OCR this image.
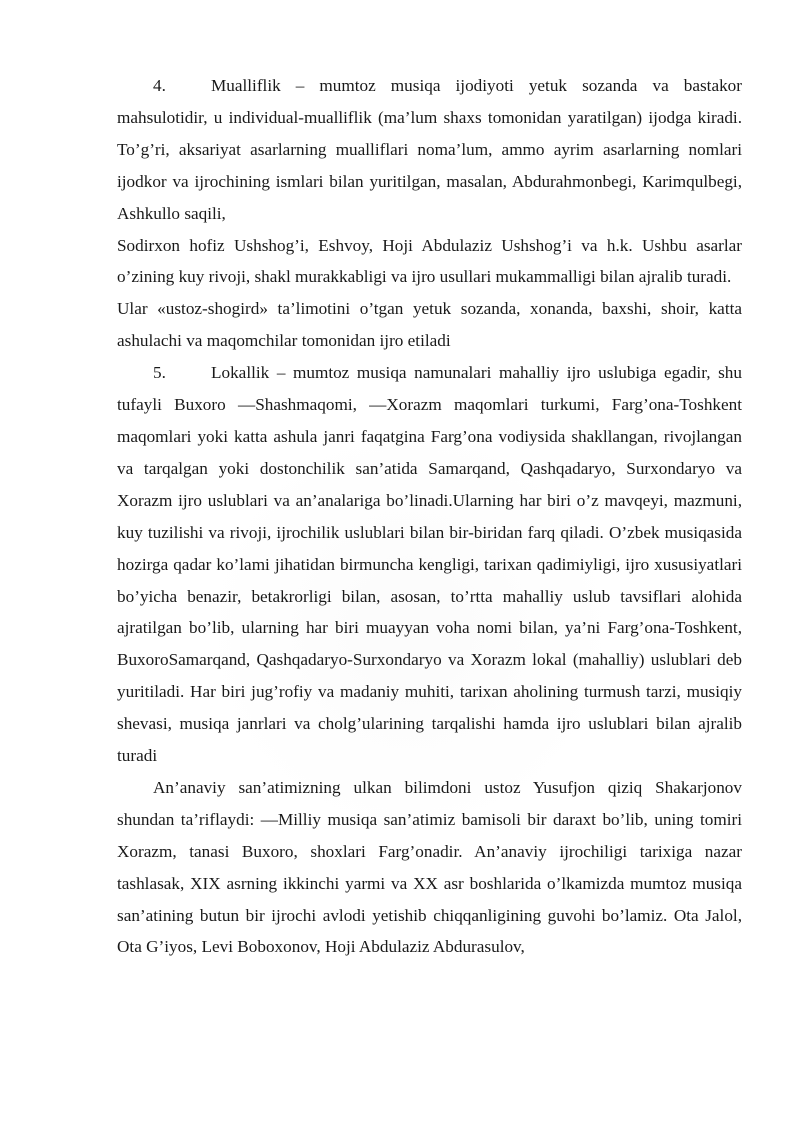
4.	Mualliflik – mumtoz musiqa ijodiyoti yetuk sozanda va bastakor mahsulotidir, u individual-mualliflik (ma’lum shaxs tomonidan yaratilgan) ijodga kiradi. To’g’ri, aksariyat asarlarning mualliflari noma’lum, ammo ayrim asarlarning nomlari ijodkor va ijrochining ismlari bilan yuritilgan, masalan, Abdurahmonbegi, Karimqulbegi, Ashkullo saqili,

Sodirxon hofiz Ushshog’i, Eshvoy, Hoji Abdulaziz Ushshog’i va h.k. Ushbu asarlar o’zining kuy rivoji, shakl murakkabligi va ijro usullari mukammalligi bilan ajralib turadi.

Ular «ustoz-shogird» ta’limotini o’tgan yetuk sozanda, xonanda, baxshi, shoir, katta ashulachi va maqomchilar tomonidan ijro etiladi

5.	Lokallik – mumtoz musiqa namunalari mahalliy ijro uslubiga egadir, shu tufayli Buxoro ―Shashmaqomi, ―Xorazm maqomlari turkumi, Farg’ona-Toshkent maqomlari yoki katta ashula janri faqatgina Farg’ona vodiysida shakllangan, rivojlangan va tarqalgan yoki dostonchilik san’atida Samarqand, Qashqadaryo, Surxondaryo va Xorazm ijro uslublari va an’analariga bo’linadi.Ularning har biri o’z mavqeyi, mazmuni, kuy tuzilishi va rivoji, ijrochilik uslublari bilan bir-biridan farq qiladi. O’zbek musiqasida hozirga qadar ko’lami jihatidan birmuncha kengligi, tarixan qadimiyligi, ijro xususiyatlari bo’yicha benazir, betakrorligi bilan, asosan, to’rtta mahalliy uslub tavsiflari alohida ajratilgan bo’lib, ularning har biri muayyan voha nomi bilan, ya’ni Farg’ona-Toshkent, BuxoroSamarqand, Qashqadaryo-Surxondaryo va Xorazm lokal (mahalliy) uslublari deb yuritiladi. Har biri jug’rofiy va madaniy muhiti, tarixan aholining turmush tarzi, musiqiy shevasi, musiqa janrlari va cholg’ularining tarqalishi hamda ijro uslublari bilan ajralib turadi

An’anaviy san’atimizning ulkan bilimdoni ustoz Yusufjon qiziq Shakarjonov shundan ta’riflaydi: ―Milliy musiqa san’atimiz bamisoli bir daraxt bo’lib, uning tomiri Xorazm, tanasi Buxoro, shoxlari Farg’onadir. An’anaviy ijrochiligi tarixiga nazar tashlasak, XIX asrning ikkinchi yarmi va XX asr boshlarida o’lkamizda mumtoz musiqa san’atining butun bir ijrochi avlodi yetishib chiqqanligining guvohi bo’lamiz. Ota Jalol, Ota G’iyos, Levi Boboxonov, Hoji Abdulaziz Abdurasulov,
